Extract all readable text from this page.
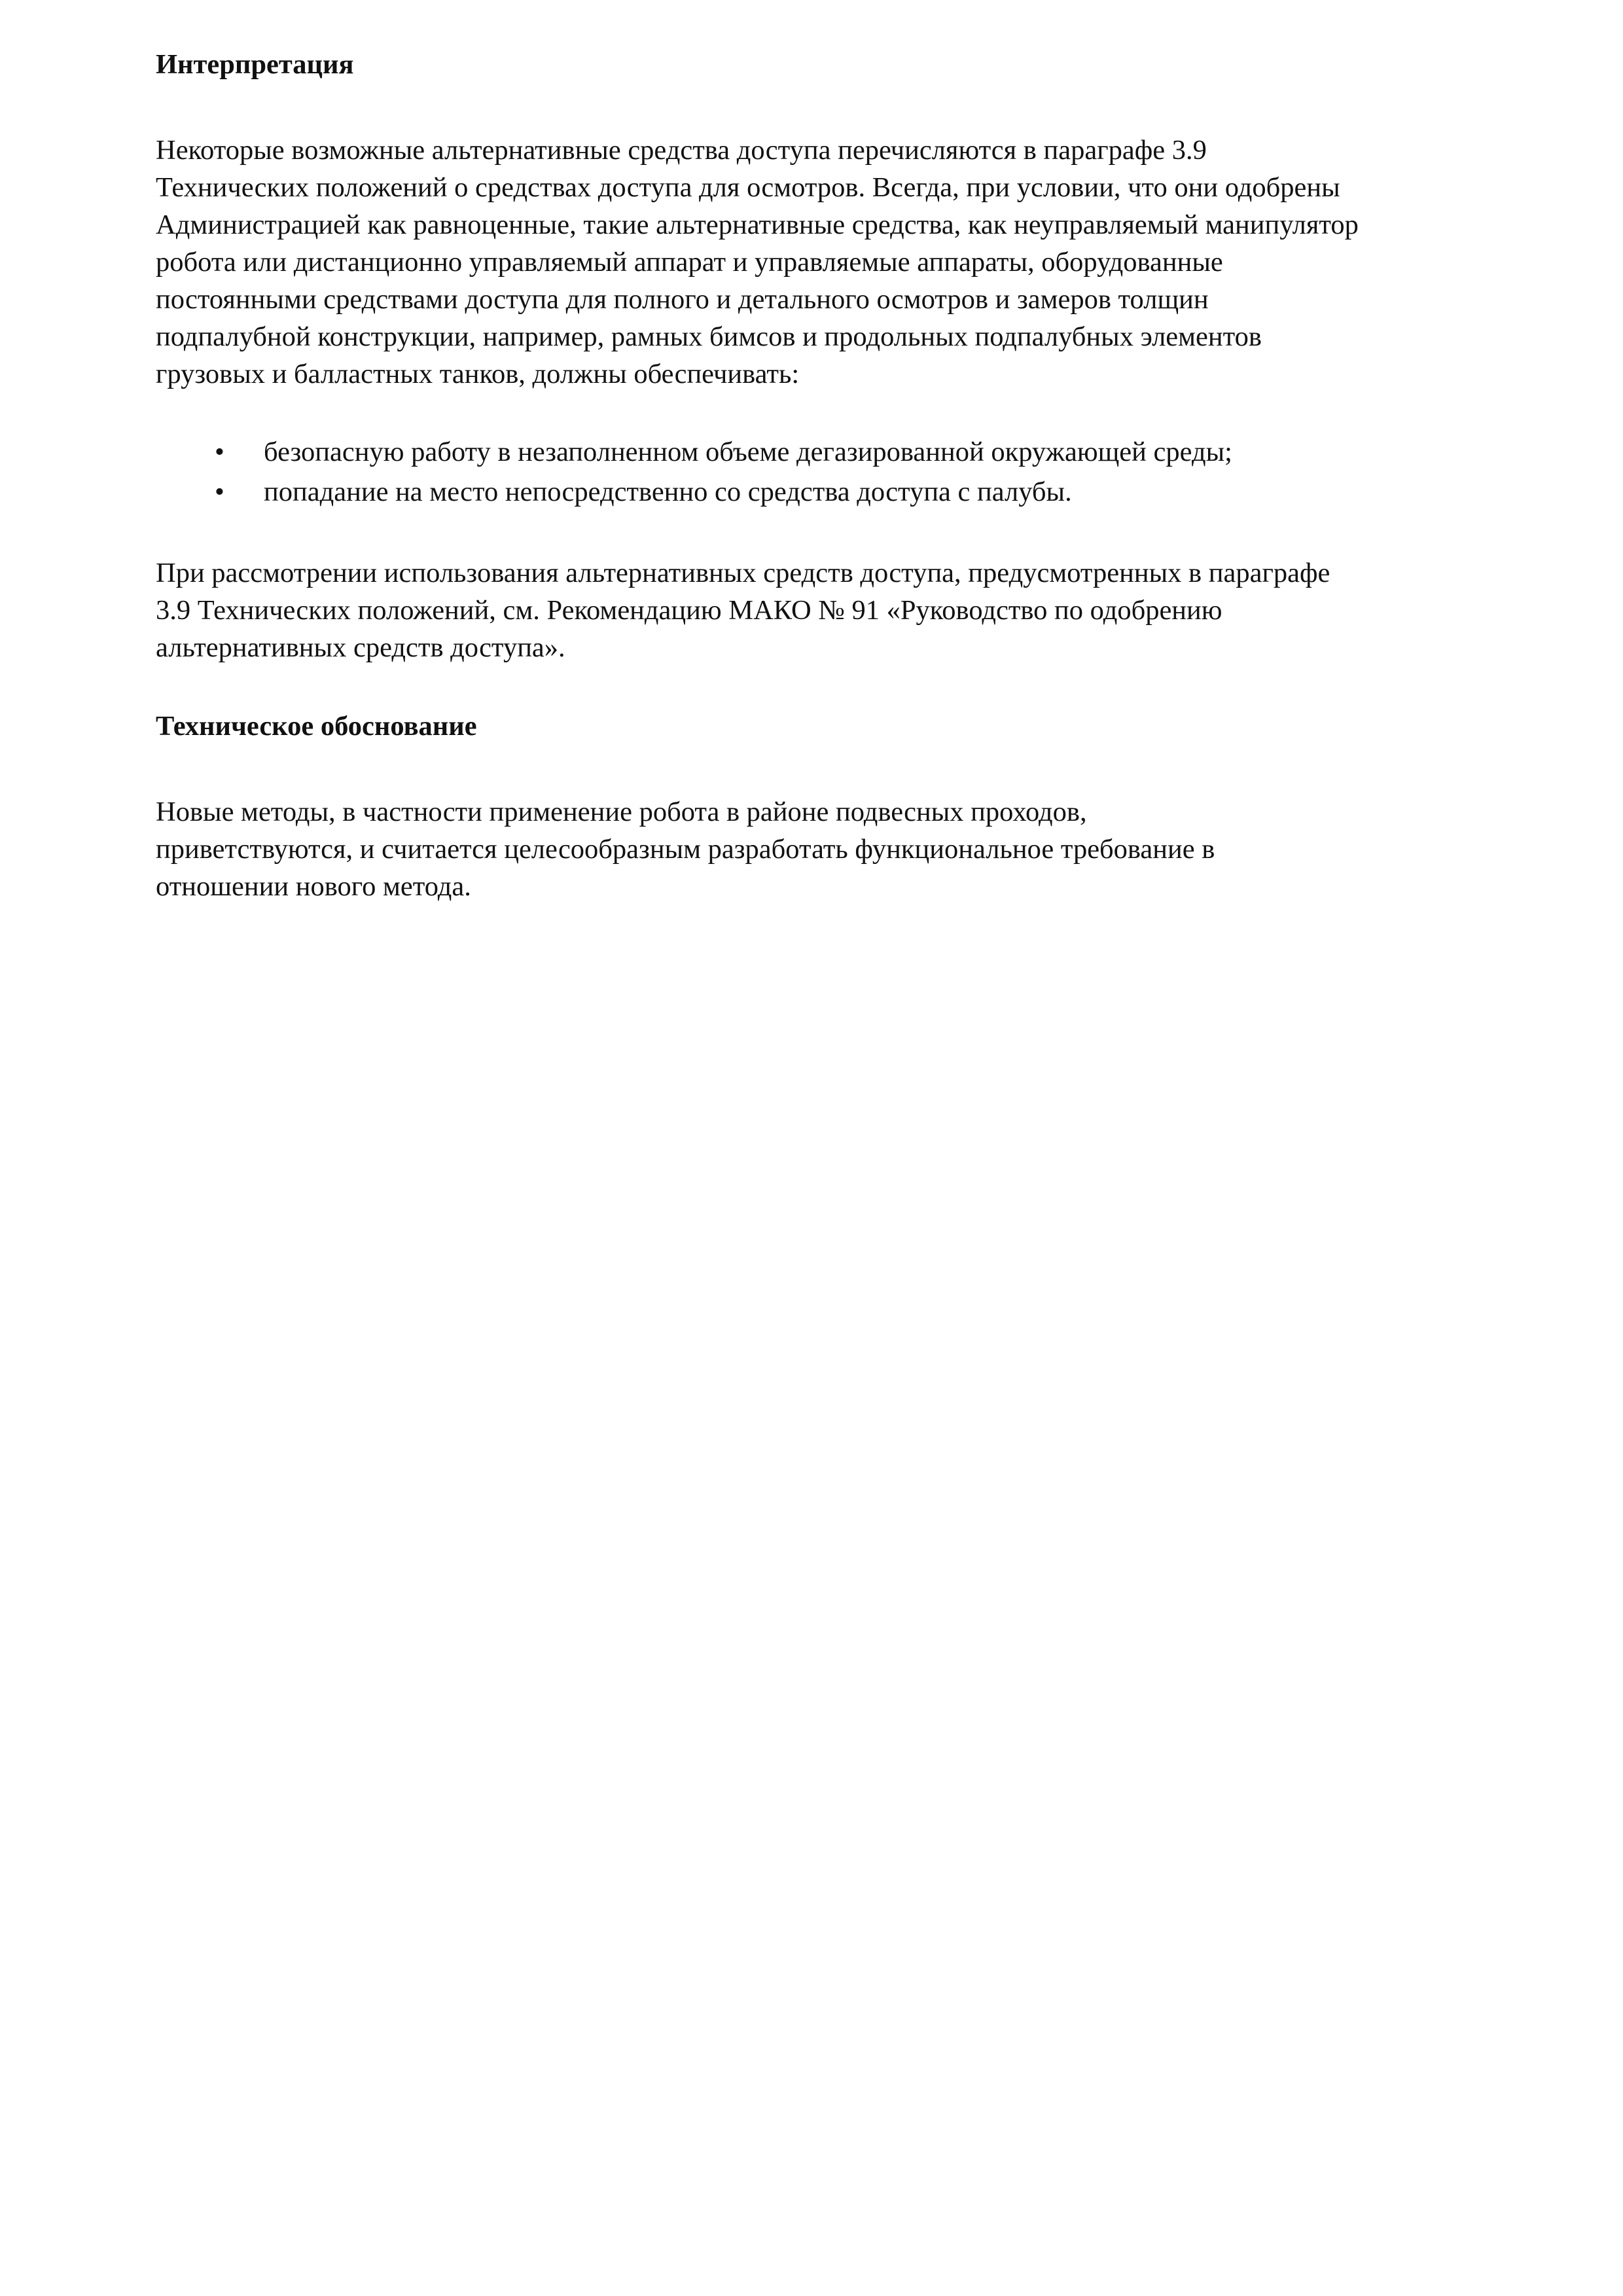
Интерпретация

Некоторые возможные альтернативные средства доступа перечисляются в параграфе 3.9
Технических положений о средствах доступа для осмотров. Всегда, при условии, что они одобрены
Администрацией как равноценные, такие альтернативные средства, как неуправляемый манипулятор
робота или дистанционно управляемый аппарат и управляемые аппараты, оборудованные
постоянными средствами доступа для полного и детального осмотров и замеров толщин
подпалубной конструкции, например, рамных бимсов и продольных подпалубных элементов
грузовых и балластных танков, должны обеспечивать:

• безопасную работу в незаполненном объеме дегазированной окружающей среды;
• попадание на место непосредственно со средства доступа с палубы.

При рассмотрении использования альтернативных средств доступа, предусмотренных в параграфе
3.9 Технических положений, см. Рекомендацию МАКО № 91 «Руководство по одобрению
альтернативных средств доступа».

Техническое обоснование

Новые методы, в частности применение робота в районе подвесных проходов,
приветствуются, и считается целесообразным разработать функциональное требование в
отношении нового метода.
